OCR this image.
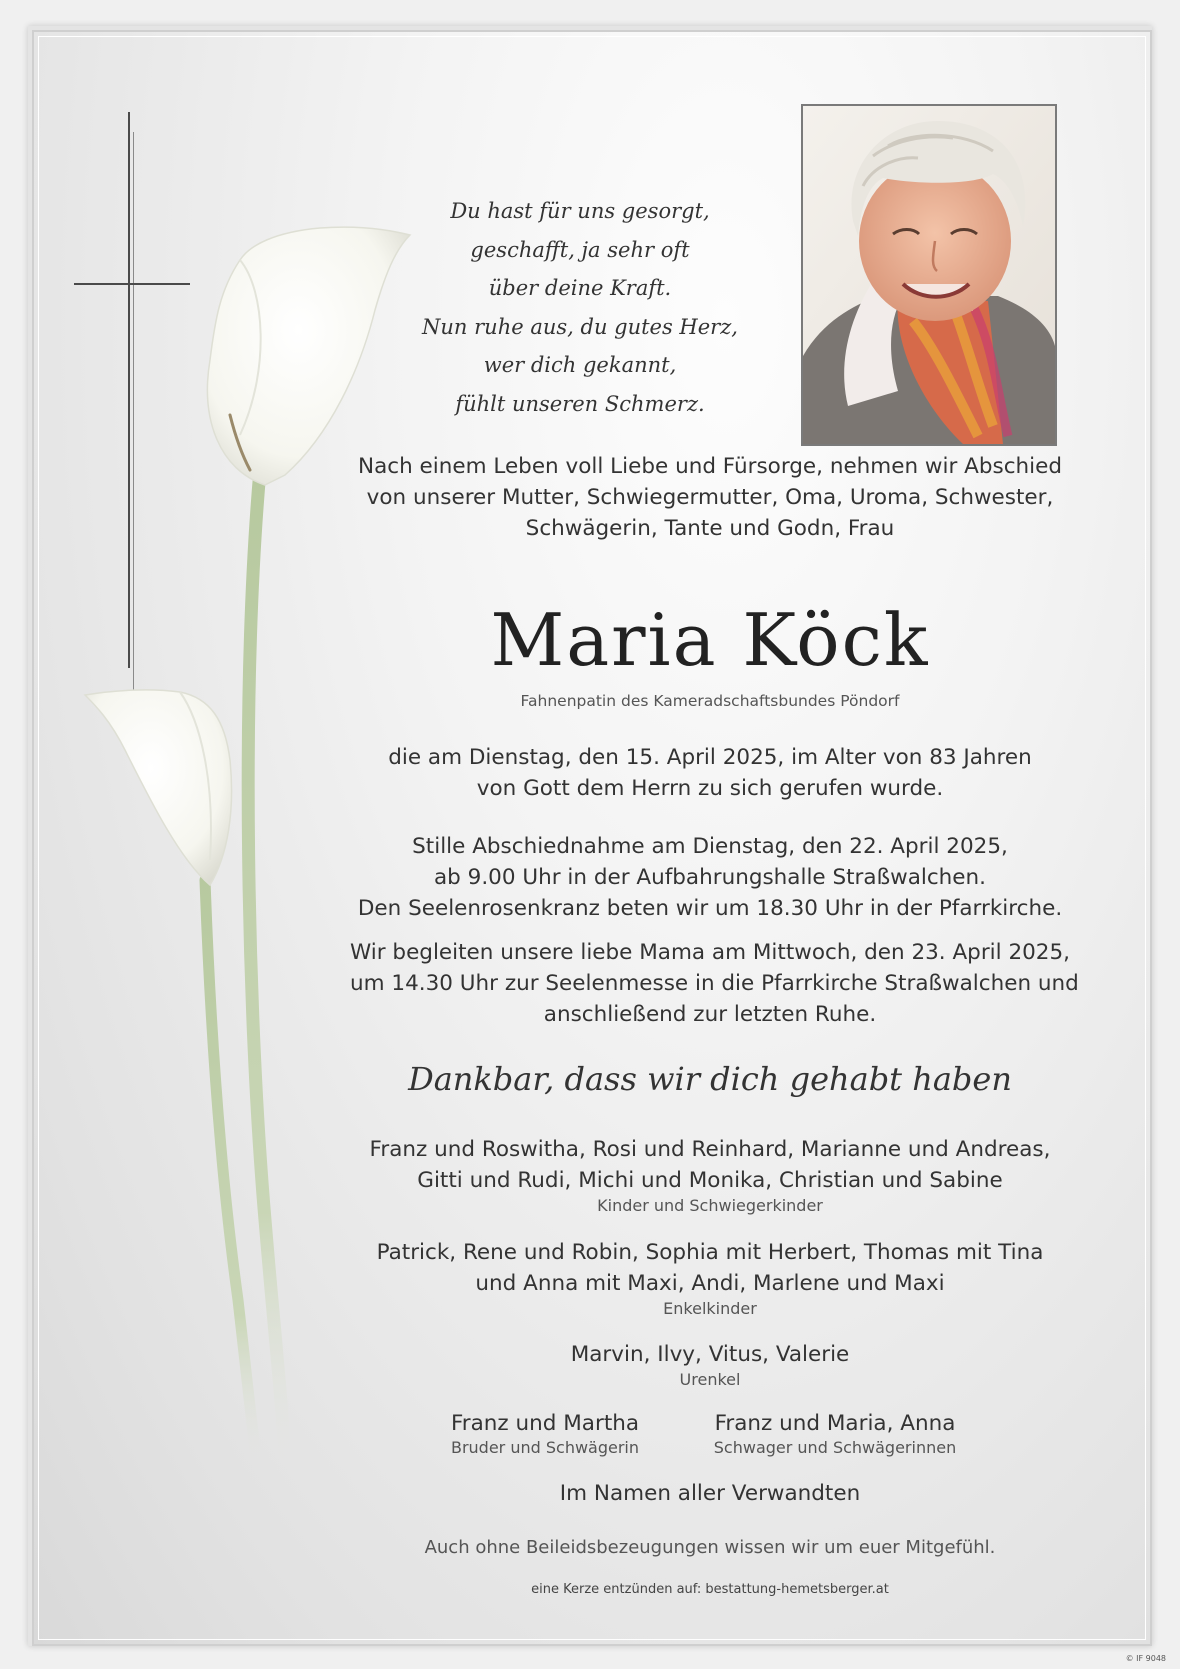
Du hast für uns gesorgt,
geschafft, ja sehr oft
über deine Kraft.
Nun ruhe aus, du gutes Herz,
wer dich gekannt,
fühlt unseren Schmerz.
Nach einem Leben voll Liebe und Fürsorge, nehmen wir Abschied
von unserer Mutter, Schwiegermutter, Oma, Uroma, Schwester,
Schwägerin, Tante und Godn, Frau
Maria Köck
Fahnenpatin des Kameradschaftsbundes Pöndorf
die am Dienstag, den 15. April 2025, im Alter von 83 Jahren
von Gott dem Herrn zu sich gerufen wurde.
Stille Abschiednahme am Dienstag, den 22. April 2025,
ab 9.00 Uhr in der Aufbahrungshalle Straßwalchen.
Den Seelenrosenkranz beten wir um 18.30 Uhr in der Pfarrkirche.
Wir begleiten unsere liebe Mama am Mittwoch, den 23. April 2025,
um 14.30 Uhr zur Seelenmesse in die Pfarrkirche Straßwalchen und
anschließend zur letzten Ruhe.
Dankbar, dass wir dich gehabt haben
Franz und Roswitha, Rosi und Reinhard, Marianne und Andreas,
Gitti und Rudi, Michi und Monika, Christian und Sabine
Kinder und Schwiegerkinder
Patrick, Rene und Robin, Sophia mit Herbert, Thomas mit Tina
und Anna mit Maxi, Andi, Marlene und Maxi
Enkelkinder
Marvin, Ilvy, Vitus, Valerie
Urenkel
Franz und Martha
Bruder und Schwägerin
Franz und Maria, Anna
Schwager und Schwägerinnen
Im Namen aller Verwandten
Auch ohne Beileidsbezeugungen wissen wir um euer Mitgefühl.
eine Kerze entzünden auf: bestattung-hemetsberger.at
© IF 9048
